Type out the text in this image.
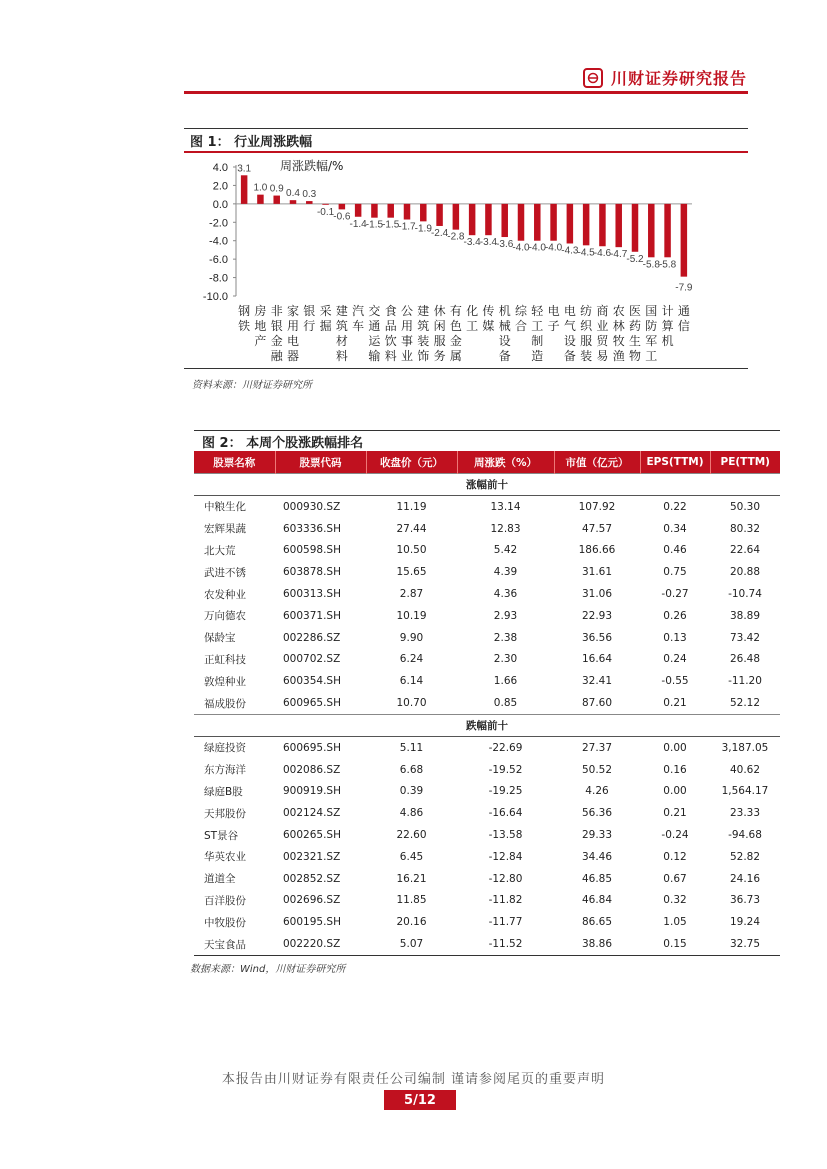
川财证券研究报告
图 1： 行业周涨跌幅
4.0
2.0
0.0
-2.0
-4.0
-6.0
-8.0
-10.0
周涨跌幅/%
3.1
钢铁
1.0
房地产
0.9
非银金融
0.4
家用电器
0.3
银行
-0.1
采掘
-0.6
建筑材料
-1.4
汽车
-1.5
交通运输
-1.5
食品饮料
-1.7
公用事业
-1.9
建筑装饰
-2.4
休闲服务
-2.8
有色金属
-3.4
化工
-3.4
传媒
-3.6
机械设备
-4.0
综合
-4.0
轻工制造
-4.0
电子
-4.3
电气设备
-4.5
纺织服装
-4.6
商业贸易
-4.7
农林牧渔
-5.2
医药生物
-5.8
国防军工
-5.8
计算机
-7.9
通信
资料来源：川财证券研究所
图 2： 本周个股涨跌幅排名
股票名称	股票代码	收盘价（元）	周涨跌（%）	市值（亿元）	EPS(TTM)	PE(TTM)
涨幅前十						
中粮生化	000930.SZ	11.19	13.14	107.92	0.22	50.30
宏辉果蔬	603336.SH	27.44	12.83	47.57	0.34	80.32
北大荒	600598.SH	10.50	5.42	186.66	0.46	22.64
武进不锈	603878.SH	15.65	4.39	31.61	0.75	20.88
农发种业	600313.SH	2.87	4.36	31.06	-0.27	-10.74
万向德农	600371.SH	10.19	2.93	22.93	0.26	38.89
保龄宝	002286.SZ	9.90	2.38	36.56	0.13	73.42
正虹科技	000702.SZ	6.24	2.30	16.64	0.24	26.48
敦煌种业	600354.SH	6.14	1.66	32.41	-0.55	-11.20
福成股份	600965.SH	10.70	0.85	87.60	0.21	52.12
跌幅前十						
绿庭投资	600695.SH	5.11	-22.69	27.37	0.00	3,187.05
东方海洋	002086.SZ	6.68	-19.52	50.52	0.16	40.62
绿庭B股	900919.SH	0.39	-19.25	4.26	0.00	1,564.17
天邦股份	002124.SZ	4.86	-16.64	56.36	0.21	23.33
ST景谷	600265.SH	22.60	-13.58	29.33	-0.24	-94.68
华英农业	002321.SZ	6.45	-12.84	34.46	0.12	52.82
道道全	002852.SZ	16.21	-12.80	46.85	0.67	24.16
百洋股份	002696.SZ	11.85	-11.82	46.84	0.32	36.73
中牧股份	600195.SH	20.16	-11.77	86.65	1.05	19.24
天宝食品	002220.SZ	5.07	-11.52	38.86	0.15	32.75
数据来源：Wind，川财证券研究所
本报告由川财证券有限责任公司编制 谨请参阅尾页的重要声明
5/12
